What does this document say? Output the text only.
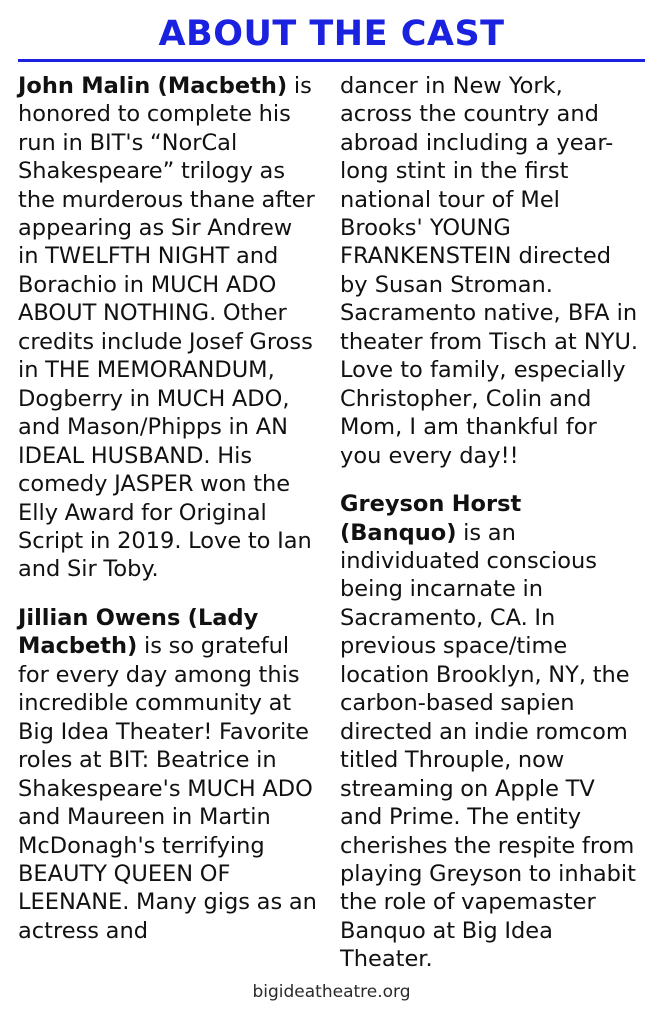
ABOUT THE CAST

John Malin (Macbeth) is honored to complete his run in BIT's “NorCal Shakespeare” trilogy as the murderous thane after appearing as Sir Andrew in TWELFTH NIGHT and Borachio in MUCH ADO ABOUT NOTHING. Other credits include Josef Gross in THE MEMORANDUM, Dogberry in MUCH ADO, and Mason/Phipps in AN IDEAL HUSBAND. His comedy JASPER won the Elly Award for Original Script in 2019. Love to Ian and Sir Toby.

Jillian Owens (Lady Macbeth) is so grateful for every day among this incredible community at Big Idea Theater! Favorite roles at BIT: Beatrice in Shakespeare's MUCH ADO and Maureen in Martin McDonagh's terrifying BEAUTY QUEEN OF LEENANE. Many gigs as an actress and

dancer in New York, across the country and abroad including a year-long stint in the first national tour of Mel Brooks' YOUNG FRANKENSTEIN directed by Susan Stroman. Sacramento native, BFA in theater from Tisch at NYU. Love to family, especially Christopher, Colin and Mom, I am thankful for you every day!!

Greyson Horst (Banquo) is an individuated conscious being incarnate in Sacramento, CA. In previous space/time location Brooklyn, NY, the carbon-based sapien directed an indie romcom titled Throuple, now streaming on Apple TV and Prime. The entity cherishes the respite from playing Greyson to inhabit the role of vapemaster Banquo at Big Idea Theater.

bigideatheatre.org
